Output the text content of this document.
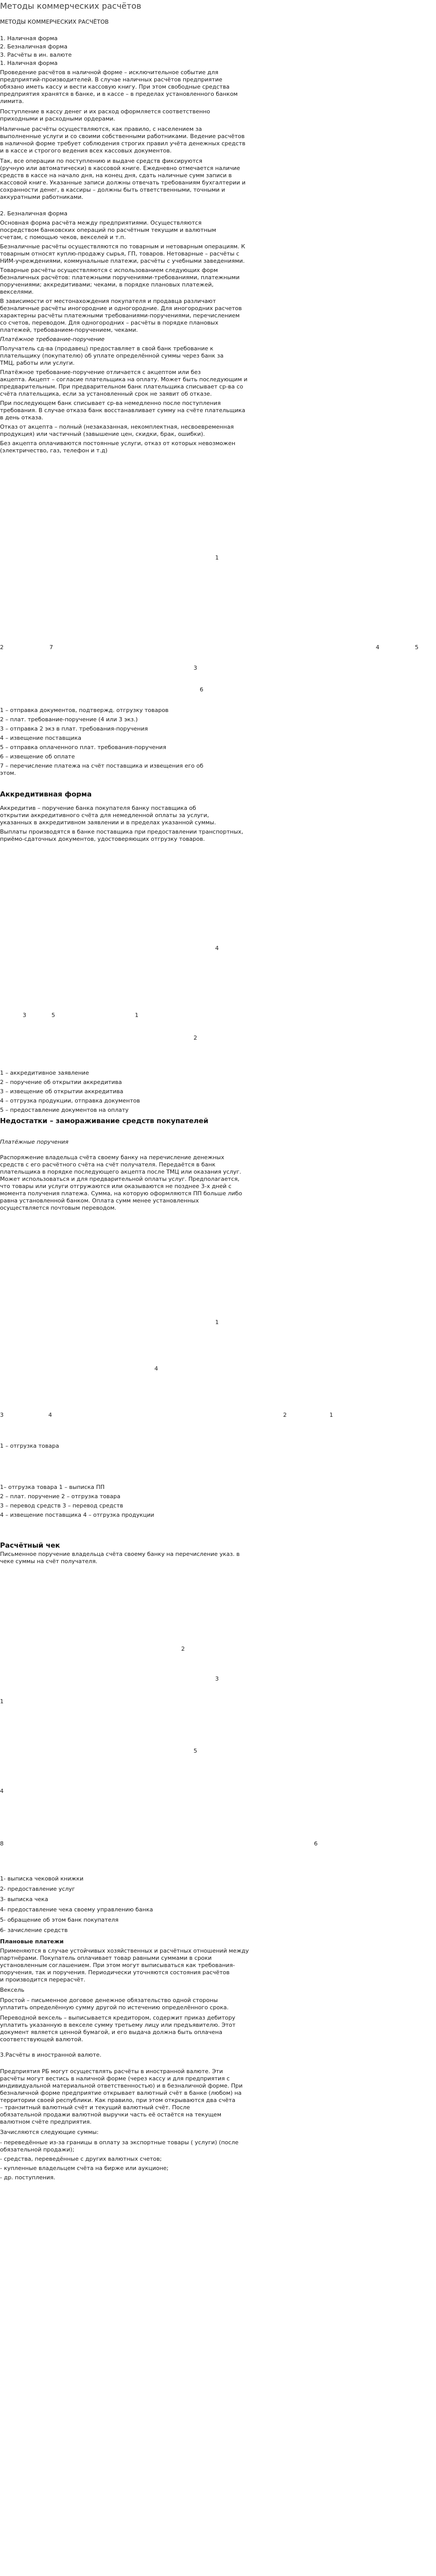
Методы коммерческих расчётов
МЕТОДЫ КОММЕРЧЕСКИХ РАСЧЁТОВ
1. Наличная форма
2. Безналичная форма
3. Расчёты в ин. валюте
1. Наличная форма
Проведение расчётов в наличной форме – исключительное событие для
предприятий-производителей. В случае наличных расчётов предприятие
обязано иметь кассу и вести кассовую книгу. При этом свободные средства
предприятия хранятся в банке, и в кассе – в пределах установленного банком
лимита.
Поступление в кассу денег и их расход оформляется соответственно
приходными и расходными ордерами.
Наличные расчёты осуществляются, как правило, с населением за
выполненные услуги и со своими собственными работниками. Ведение расчётов
в наличной форме требует соблюдения строгих правил учёта денежных средств
и в кассе и строгого ведения всех кассовых документов.
Так, все операции по поступлению и выдаче средств фиксируются
(ручную или автоматически) в кассовой книге. Ежедневно отмечается наличие
средств в кассе на начало дня, на конец дня, сдать наличные сумм записи в
кассовой книге. Указанные записи должны отвечать требованиям бухгалтерии и
сохранности денег, в кассиры – должны быть ответственными, точными и
аккуратными работниками.
2. Безналичная форма
Основная форма расчёта между предприятиями. Осуществляются
посредством банковских операций по расчётным текущим и валютным
счетам, с помощью чеков, векселей и т.п.
Безналичные расчёты осуществляются по товарным и нетоварным операциям. К
товарным относят куплю-продажу сырья, ГП, товаров. Нетоварные – расчёты с
НИМ-учреждениями, коммунальные платежи, расчёты с учебными заведениями.
Товарные расчёты осуществляются с использованием следующих форм
безналичных расчётов: платежными поручениями-требованиями, платежными
поручениями; аккредитивами; чеками, в порядке плановых платежей,
векселями.
В зависимости от местонахождения покупателя и продавца различают
безналичные расчёты иногородние и одногородние. Для иногородних расчетов
характерны расчёты платежными требованиями-поручениями, перечислением
со счетов, переводом. Для одногородних – расчёты в порядке плановых
платежей, требованием-поручением, чеками.
Платёжное требование-поручение
Получатель сд-ва (продавец) предоставляет в свой банк требование к
плательщику (покупателю) об уплате определённой суммы через банк за
ТМЦ, работы или услуги.
Платёжное требование-поручение отличается с акцептом или без
акцепта. Акцепт – согласие плательщика на оплату. Может быть последующим и
предварительным. При предварительном банк плательщика списывает ср-ва со
счёта плательщика, если за установленный срок не заявит об отказе.
При последующем банк списывает ср-ва немедленно после поступления
требования. В случае отказа банк восстанавливает сумму на счёте плательщика
в день отказа.
Отказ от акцепта – полный (незаказанная, некомплектная, несвоевременная
продукция) или частичный (завышение цен, скидки, брак, ошибки).
Без акцепта оплачиваются постоянные услуги, отказ от которых невозможен
(электричество, газ, телефон и т.д)
1
2	7	4	5
3
6
1 – отправка документов, подтвержд. отгрузку товаров
2 – плат. требование-поручение (4 или 3 экз.)
3 – отправка 2 экз в плат. требования-поручения
4 – извещение поставщика
5 – отправка оплаченного плат. требования-поручения
6 – извещение об оплате
7 – перечисление платежа на счёт поставщика и извещения его об
этом.
Аккредитивная форма
Аккредитив – поручение банка покупателя банку поставщика об
открытии аккредитивного счёта для немедленной оплаты за услуги,
указанных в аккредитивном заявлении и в пределах указанной суммы.
Выплаты производятся в банке поставщика при предоставлении транспортных,
приёмо-сдаточных документов, удостоверяющих отгрузку товаров.
4
3	5	1
2
1 – аккредитивное заявление
2 – поручение об открытии аккредитива
3 – извещение об открытии аккредитива
4 – отгрузка продукции, отправка документов
5 – предоставление документов на оплату
Недостатки – замораживание средств покупателей
Платёжные поручения
Распоряжение владельца счёта своему банку на перечисление денежных
средств с его расчётного счёта на счёт получателя. Передаётся в банк
плательщика в порядке последующего акцепта после ТМЦ или оказания услуг.
Может использоваться и для предварительной оплаты услуг. Предполагается,
что товары или услуги отгружаются или оказываются не позднее 3-х дней с
момента получения платежа. Сумма, на которую оформляются ПП больше либо
равна установленной банком. Оплата сумм менее установленных
осуществляется почтовым переводом.
1
4
3	4	2	1
1 – отгрузка товара
1– отгрузка товара 1 – выписка ПП
2 – плат. поручение 2 – отгрузка товара
3 – перевод средств 3 – перевод средств
4 – извещение поставщика 4 – отгрузка продукции
Расчётный чек
Письменное поручение владельца счёта своему банку на перечисление указ. в
чеке суммы на счёт получателя.
2
3
1
5
4
8	6
1- выписка чековой книжки
2- предоставление услуг
3- выписка чека
4- предоставление чека своему управлению банка
5- обращение об этом банк покупателя
6- зачисление средств
Плановые платежи
Применяются в случае устойчивых хозяйственных и расчётных отношений между
партнёрами. Покупатель оплачивает товар равными суммами в сроки
установленным соглашением. При этом могут выписываться как требования-
поручения, так и поручения. Периодически уточняются состояния расчётов
и производится перерасчёт.
Вексель
Простой – письменное договое денежное обязательство одной стороны
уплатить определённую сумму другой по истечению определённого срока.
Переводной вексель – выписывается кредитором, содержит приказ дебитору
уплатить указанную в векселе сумму третьему лицу или предъявителю. Этот
документ является ценной бумагой, и его выдача должна быть оплачена
соответствующей валютой.
3.Расчёты в иностранной валюте.
Предприятия РБ могут осуществлять расчёты в иностранной валюте. Эти
расчёты могут вестись в наличной форме (через кассу и для предприятия с
индивидуальной материальной ответственностью) и в безналичной форме. При
безналичной форме предприятие открывает валютный счёт в банке (любом) на
территории своей республики. Как правило, при этом открываются два счёта
– транзитный валютный счёт и текущий валютный счёт. После
обязательной продажи валютной выручки часть её остаётся на текущем
валютном счёте предприятия.
Зачисляются следующие суммы:
- переведённые из-за границы в оплату за экспортные товары ( услуги) (после
обязательной продажи);
- средства, переведённые с других валютных счетов;
- купленные владельцем счёта на бирже или аукционе;
- др. поступления.
